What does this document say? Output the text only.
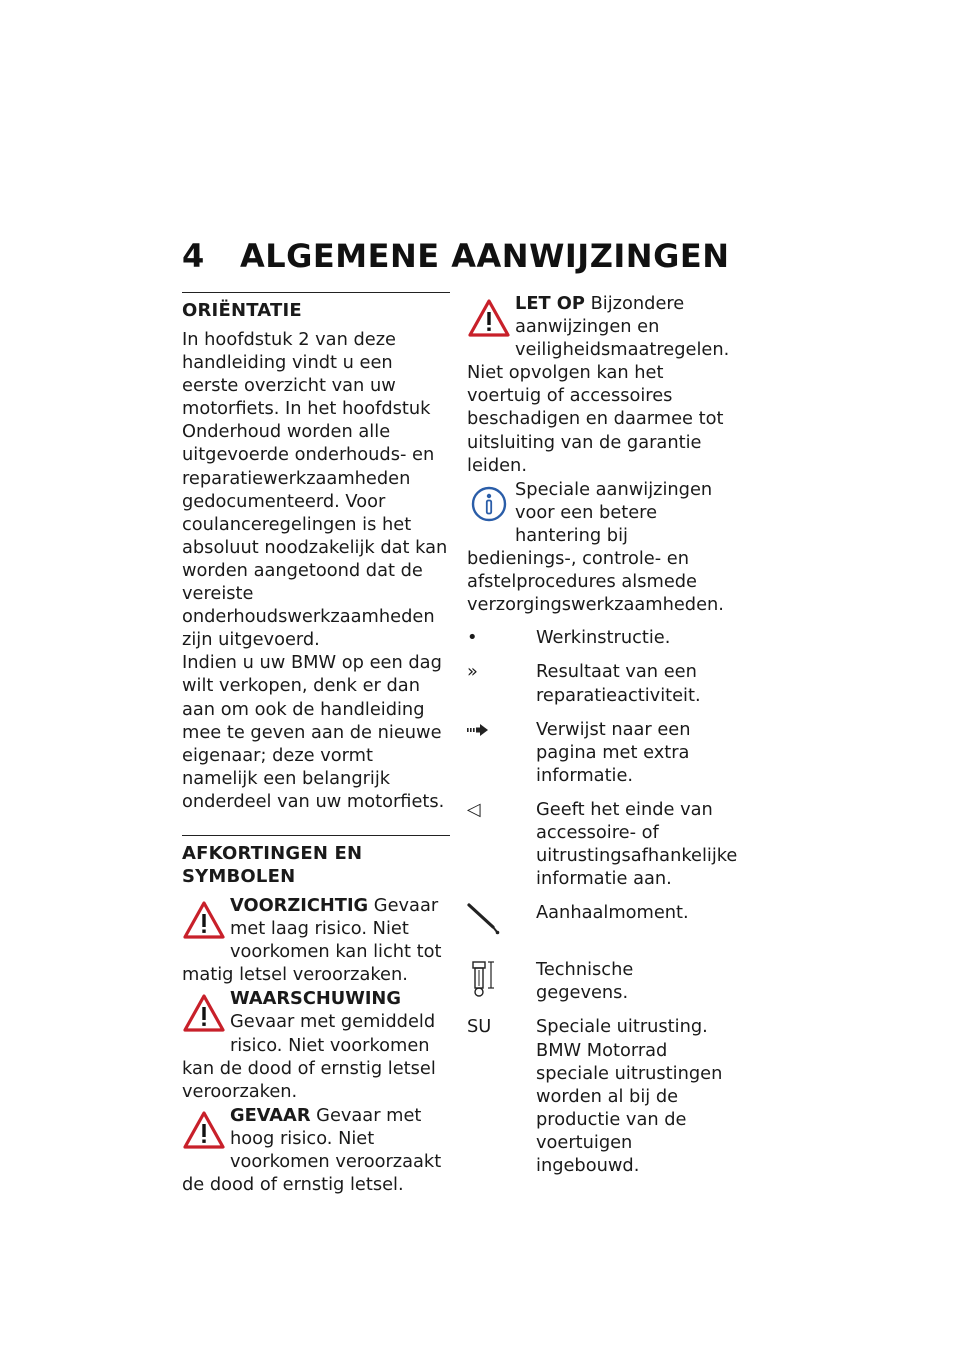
4 ALGEMENE AANWIJZINGEN
ORIËNTATIE

In hoofdstuk 2 van deze handleiding vindt u een eerste overzicht van uw motorfiets. In het hoofdstuk Onderhoud worden alle uitgevoerde onderhouds- en reparatiewerkzaamheden gedocumenteerd. Voor coulanceregelingen is het absoluut noodzakelijk dat kan worden aangetoond dat de vereiste onderhoudswerkzaamheden zijn uitgevoerd.

Indien u uw BMW op een dag wilt verkopen, denk er dan aan om ook de handleiding mee te geven aan de nieuwe eigenaar; deze vormt namelijk een belangrijk onderdeel van uw motorfiets.

AFKORTINGEN EN SYMBOLEN
VOORZICHTIG Gevaar met laag risico. Niet voorkomen kan licht tot matig letsel veroorzaken.
WAARSCHUWING Gevaar met gemiddeld risico. Niet voorkomen kan de dood of ernstig letsel veroorzaken.
GEVAAR Gevaar met hoog risico. Niet voorkomen veroorzaakt de dood of ernstig letsel.
LET OP Bijzondere aanwijzingen en veiligheidsmaatregelen. Niet opvolgen kan het voertuig of accessoires beschadigen en daarmee tot uitsluiting van de garantie leiden.
Speciale aanwijzingen voor een betere hantering bij bedienings-, controle- en afstelprocedures alsmede verzorgingswerkzaamheden.
•	Werkinstructie.
»	Resultaat van een reparatieactiviteit.
Verwijst naar een pagina met extra informatie.
◁	Geeft het einde van accessoire- of uitrustingsafhankelijke informatie aan.
Aanhaalmoment.
Technische gegevens.
SU	Speciale uitrusting.
BMW Motorrad speciale uitrustingen worden al bij de productie van de voertuigen ingebouwd.
